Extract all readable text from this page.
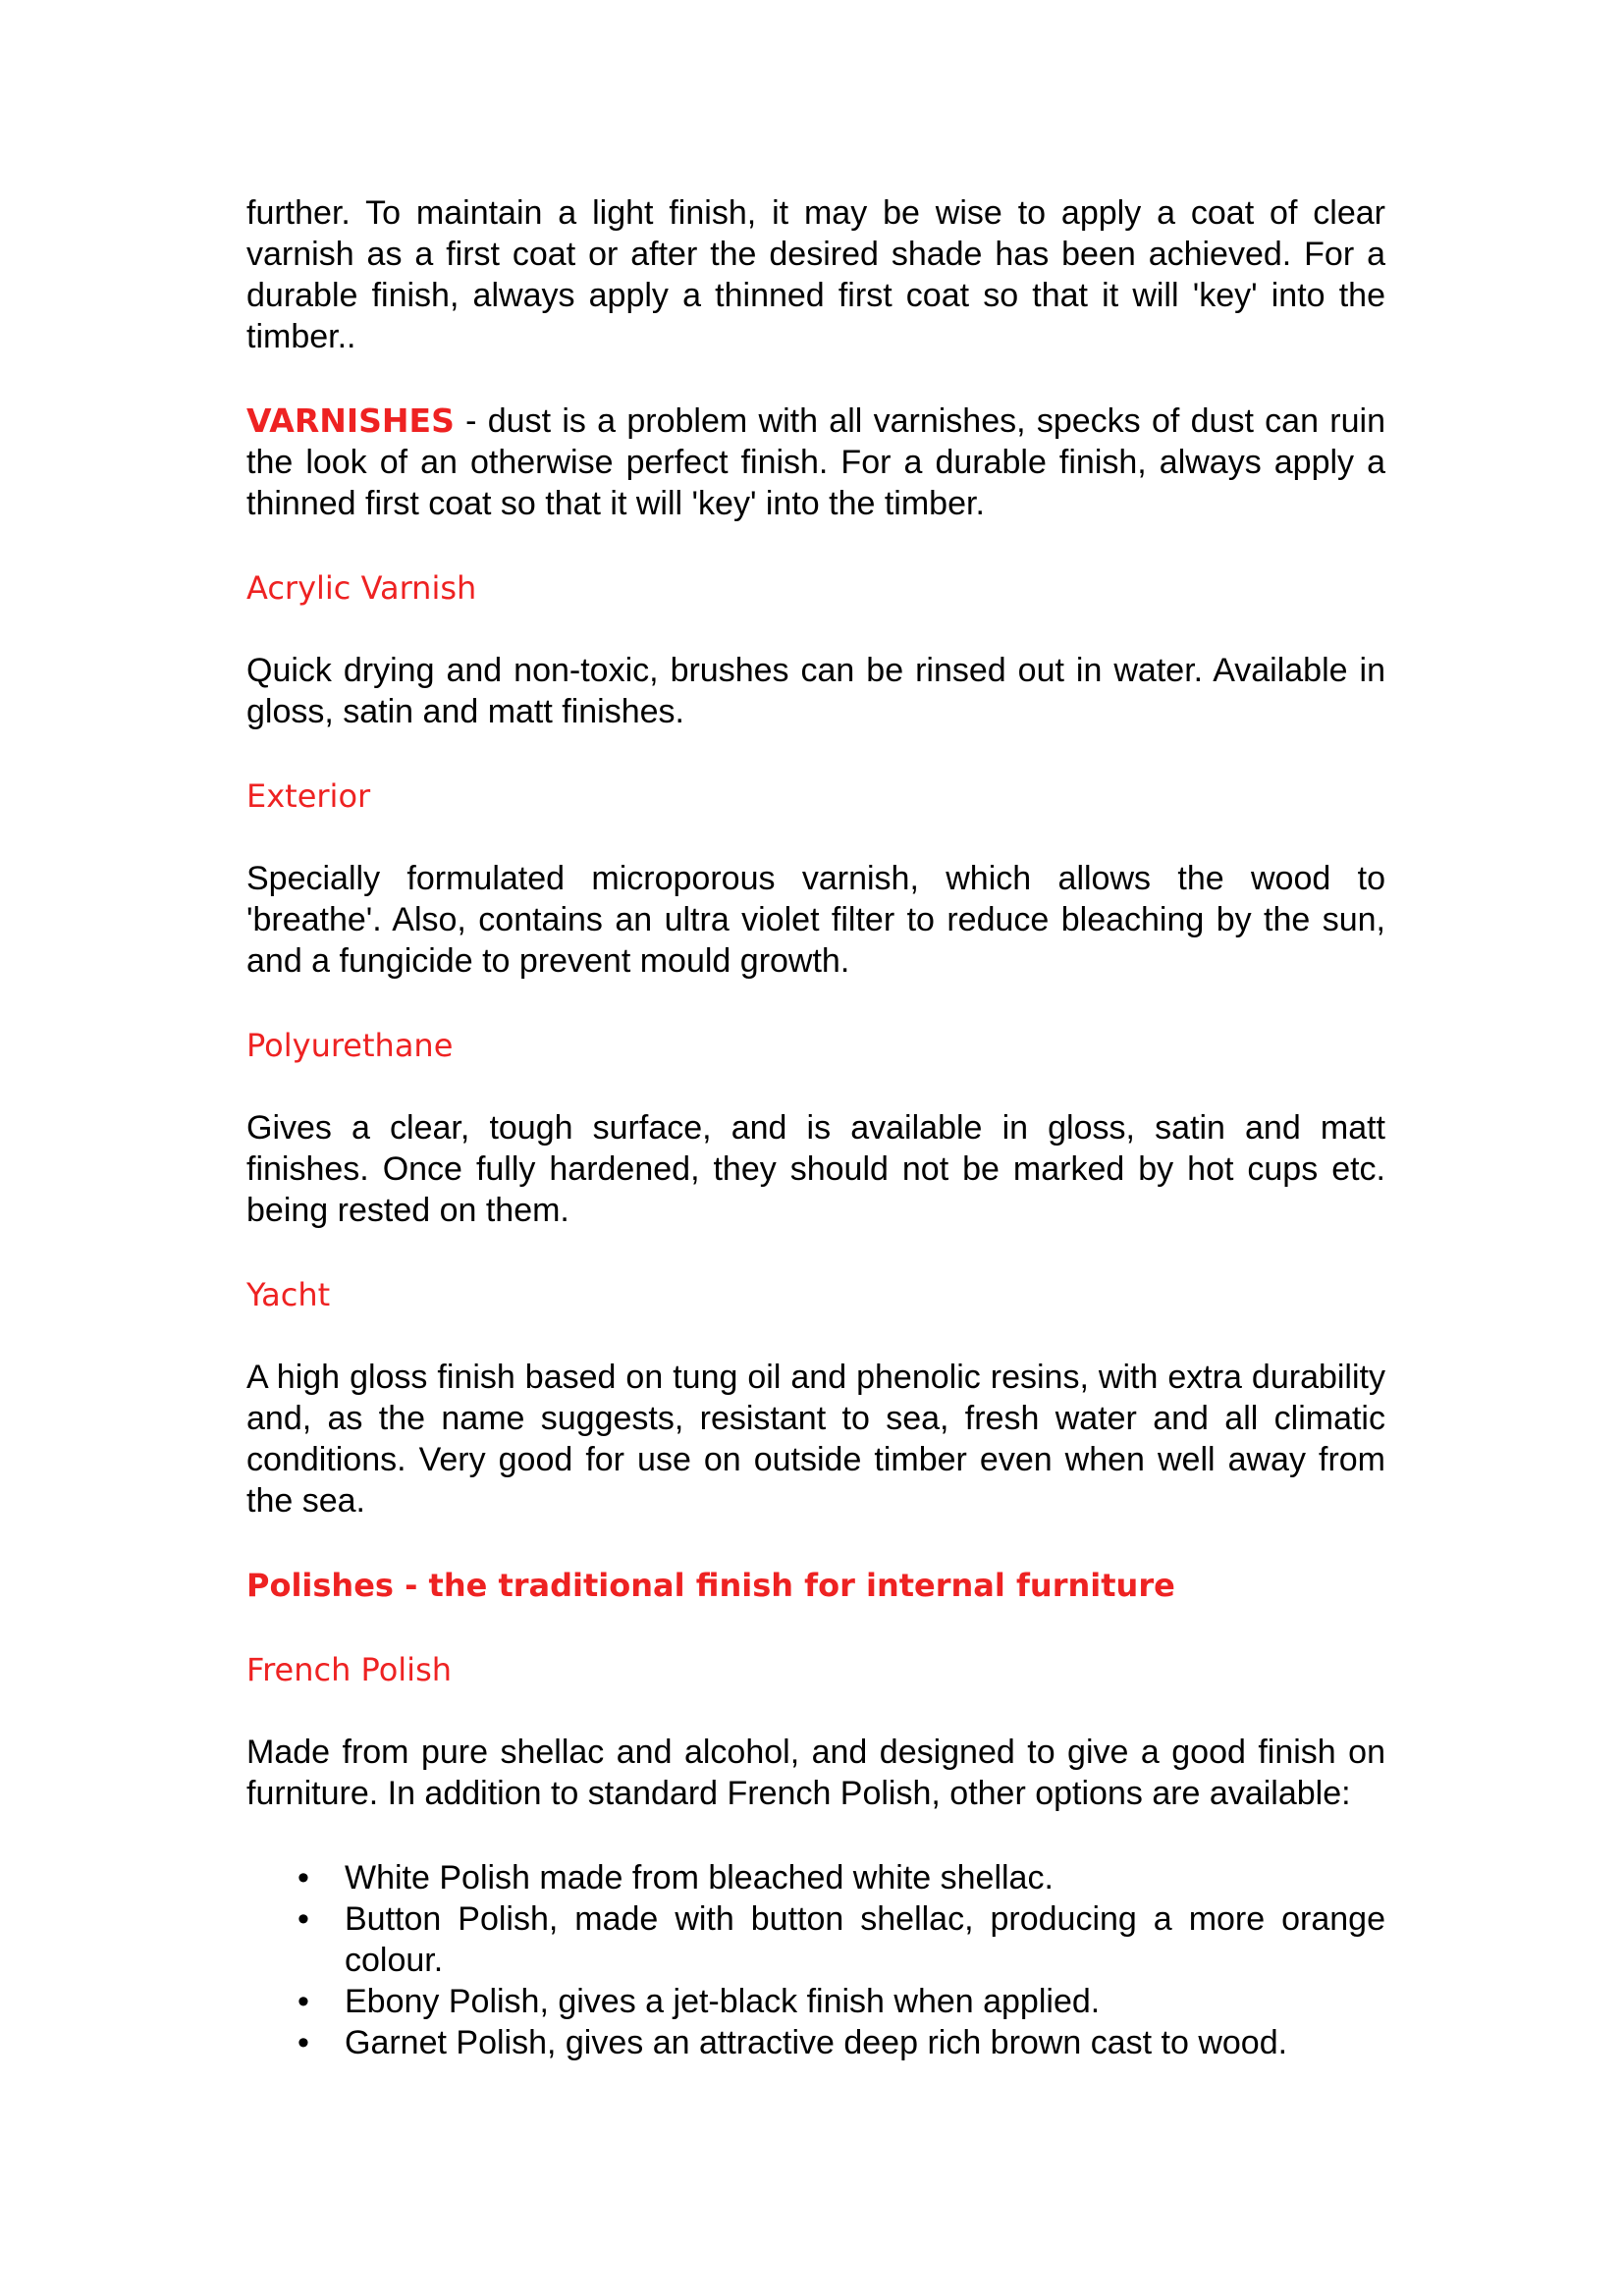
further. To maintain a light finish, it may be wise to apply a coat of clear varnish as a first coat or after the desired shade has been achieved. For a durable finish, always apply a thinned first coat so that it will 'key' into the timber..

VARNISHES - dust is a problem with all varnishes, specks of dust can ruin the look of an otherwise perfect finish. For a durable finish, always apply a thinned first coat so that it will 'key' into the timber.

Acrylic Varnish

Quick drying and non-toxic, brushes can be rinsed out in water. Available in gloss, satin and matt finishes.

Exterior

Specially formulated microporous varnish, which allows the wood to 'breathe'. Also, contains an ultra violet filter to reduce bleaching by the sun, and a fungicide to prevent mould growth.

Polyurethane

Gives a clear, tough surface, and is available in gloss, satin and matt finishes. Once fully hardened, they should not be marked by hot cups etc. being rested on them.

Yacht

A high gloss finish based on tung oil and phenolic resins, with extra durability and, as the name suggests, resistant to sea, fresh water and all climatic conditions. Very good for use on outside timber even when well away from the sea.

Polishes - the traditional finish for internal furniture
French Polish

Made from pure shellac and alcohol, and designed to give a good finish on furniture. In addition to standard French Polish, other options are available:

• White Polish made from bleached white shellac.
• Button Polish, made with button shellac, producing a more orange colour.
• Ebony Polish, gives a jet-black finish when applied.
• Garnet Polish, gives an attractive deep rich brown cast to wood.
